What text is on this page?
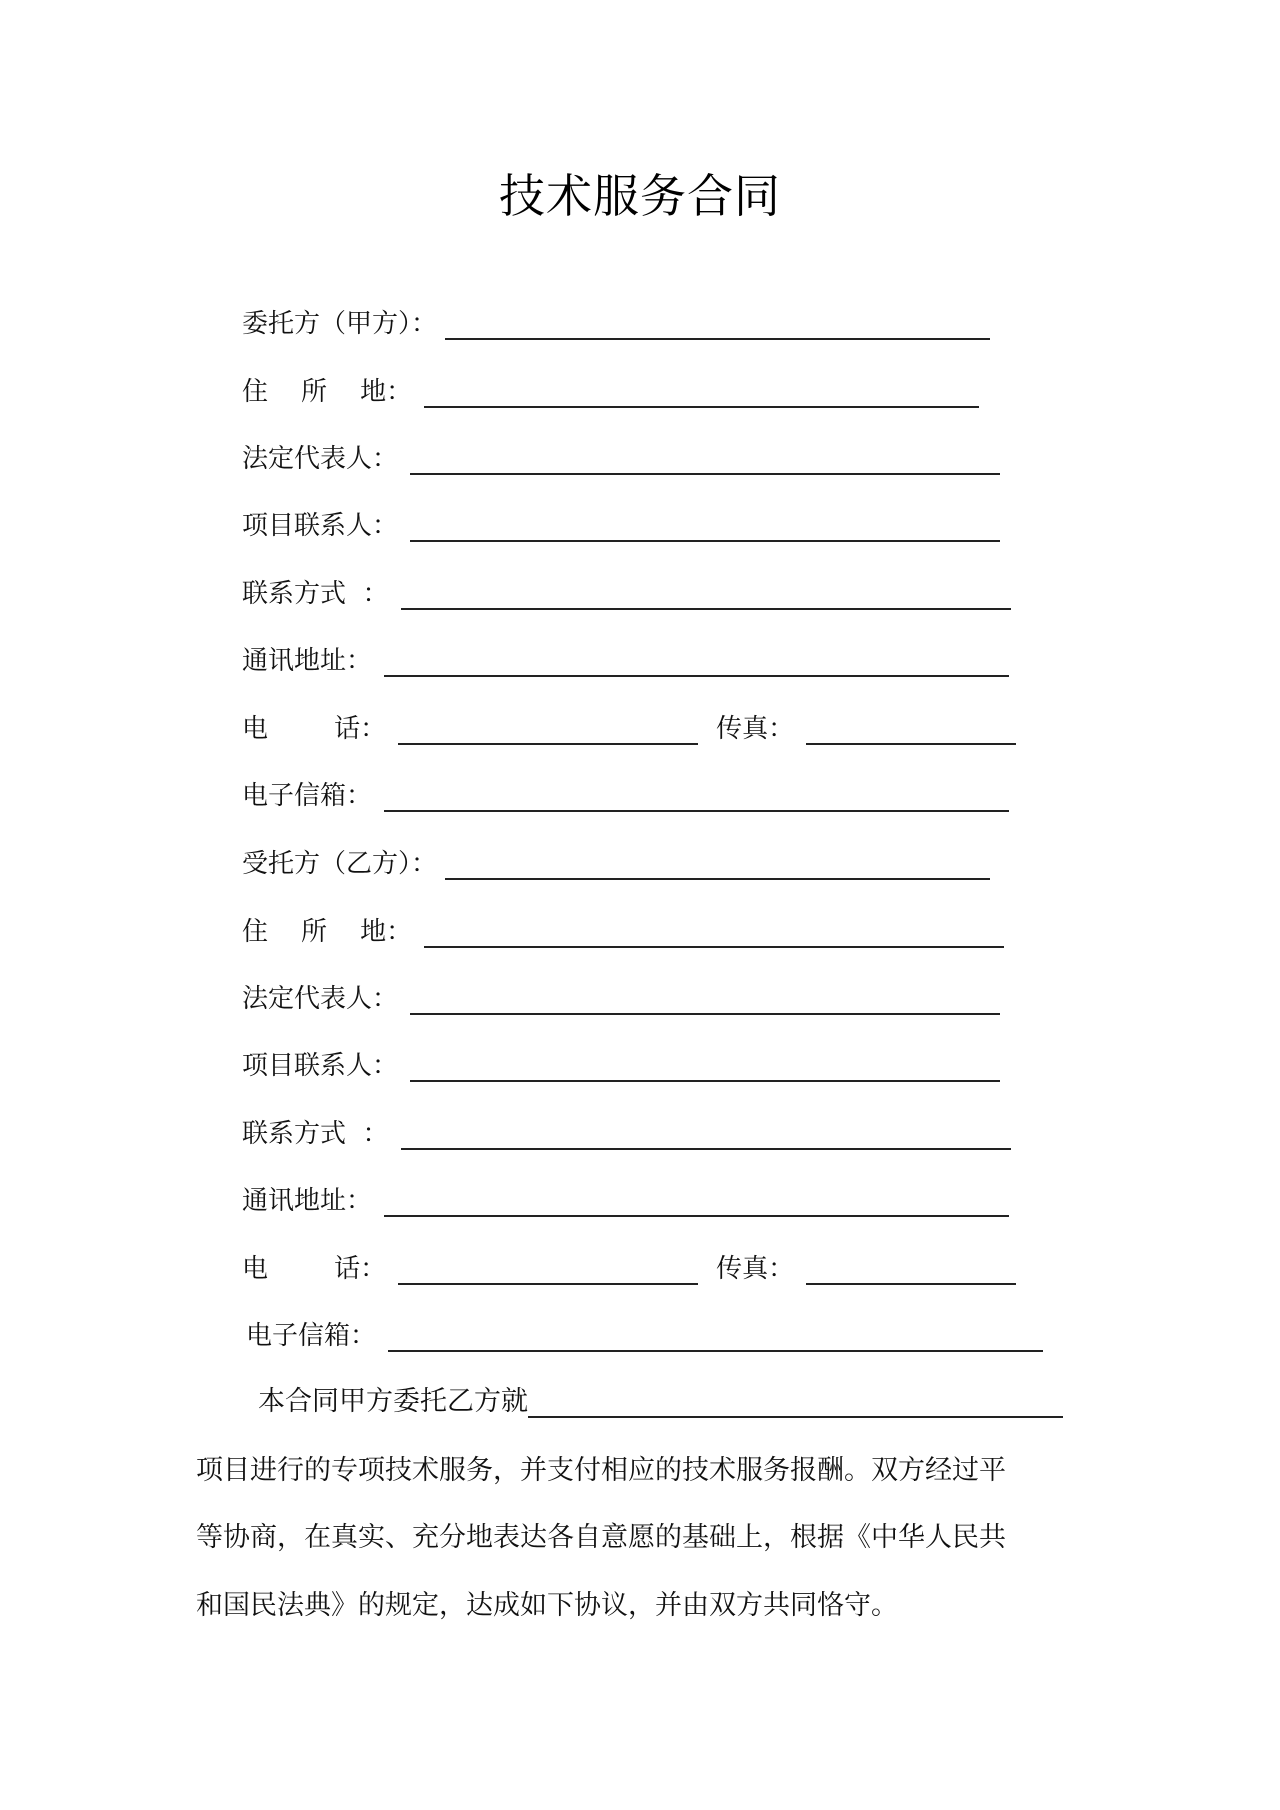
技术服务合同
委托方（甲方）：
住    所    地：
法定代表人：
项目联系人：
联系方式  ：
通讯地址：
电        话：	传真：
电子信箱：
受托方（乙方）：
住    所    地：
法定代表人：
项目联系人：
联系方式  ：
通讯地址：
电        话：	传真：
电子信箱：
本合同甲方委托乙方就
项目进行的专项技术服务，并支付相应的技术服务报酬。双方经过平
等协商，在真实、充分地表达各自意愿的基础上，根据《中华人民共
和国民法典》的规定，达成如下协议，并由双方共同恪守。
